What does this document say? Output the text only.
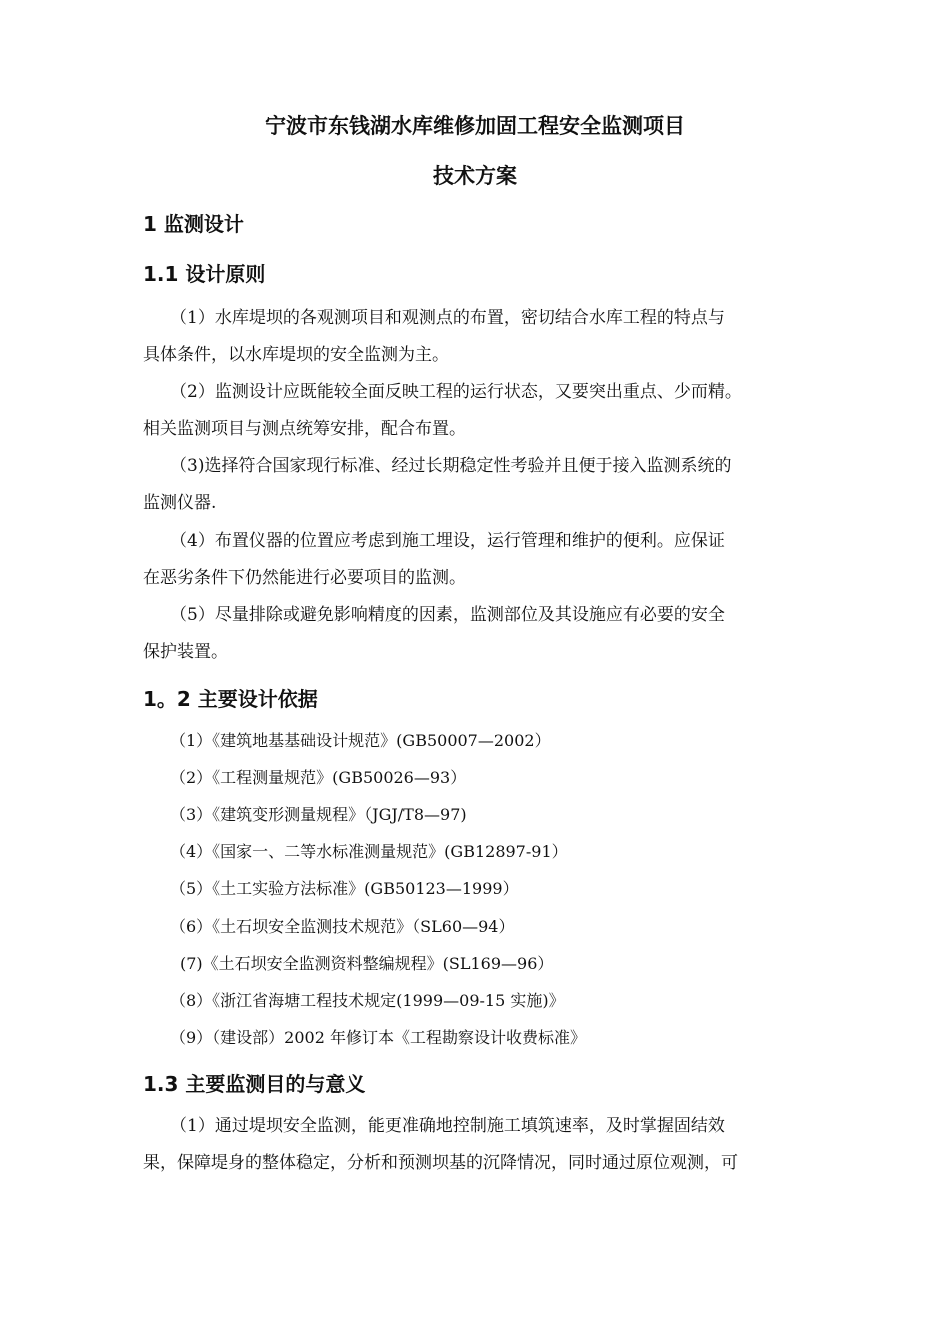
宁波市东钱湖水库维修加固工程安全监测项目
技术方案
1 监测设计
1.1 设计原则
（1）水库堤坝的各观测项目和观测点的布置，密切结合水库工程的特点与
具体条件，以水库堤坝的安全监测为主。
（2）监测设计应既能较全面反映工程的运行状态，又要突出重点、少而精。
相关监测项目与测点统筹安排，配合布置。
（3)选择符合国家现行标准、经过长期稳定性考验并且便于接入监测系统的
监测仪器.
（4）布置仪器的位置应考虑到施工埋设，运行管理和维护的便利。应保证
在恶劣条件下仍然能进行必要项目的监测。
（5）尽量排除或避免影响精度的因素，监测部位及其设施应有必要的安全
保护装置。
1。2 主要设计依据
（1）《建筑地基基础设计规范》(GB50007—2002）
（2）《工程测量规范》(GB50026—93）
（3）《建筑变形测量规程》（JGJ/T8—97)
（4）《国家一、二等水标准测量规范》(GB12897-91）
（5）《土工实验方法标准》(GB50123—1999）
（6）《土石坝安全监测技术规范》（SL60—94）
(7)《土石坝安全监测资料整编规程》(SL169—96）
（8）《浙江省海塘工程技术规定(1999—09-15 实施)》
（9）（建设部）2002 年修订本《工程勘察设计收费标准》
1.3 主要监测目的与意义
（1）通过堤坝安全监测，能更准确地控制施工填筑速率，及时掌握固结效
果，保障堤身的整体稳定，分析和预测坝基的沉降情况，同时通过原位观测，可
